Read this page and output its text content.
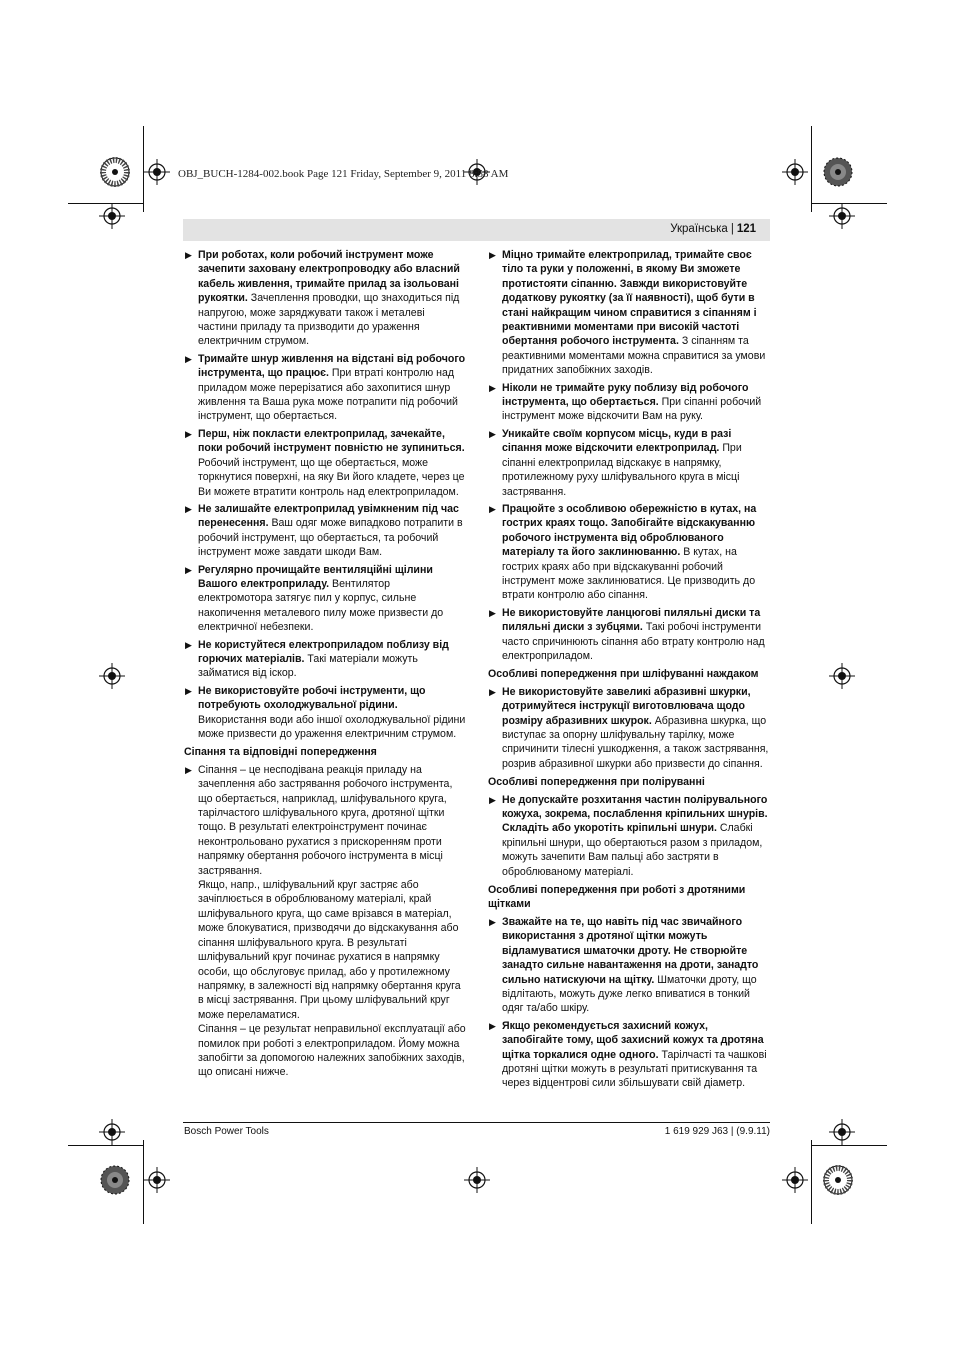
OBJ_BUCH-1284-002.book Page 121 Friday, September 9, 2011 8:58 AM
Українська | 121
▶ При роботах, коли робочий інструмент може зачепити заховану електропроводку або власний кабель живлення, тримайте прилад за ізольовані рукоятки. Зачеплення проводки, що знаходиться під напругою, може заряджувати також і металеві частини приладу та призводити до ураження електричним струмом.

▶ Тримайте шнур живлення на відстані від робочого інструмента, що працює. При втраті контролю над приладом може перерізатися або захопитися шнур живлення та Ваша рука може потрапити під робочий інструмент, що обертається.

▶ Перш, ніж покласти електроприлад, зачекайте, поки робочий інструмент повністю не зупиниться. Робочий інструмент, що ще обертається, може торкнутися поверхні, на яку Ви його кладете, через це Ви можете втратити контроль над електроприладом.

▶ Не залишайте електроприлад увімкненим під час перенесення. Ваш одяг може випадково потрапити в робочий інструмент, що обертається, та робочий інструмент може завдати шкоди Вам.

▶ Регулярно прочищайте вентиляційні щілини Вашого електроприладу. Вентилятор електромотора затягує пил у корпус, сильне накопичення металевого пилу може призвести до електричної небезпеки.

▶ Не користуйтеся електроприладом поблизу від горючих матеріалів. Такі матеріали можуть займатися від іскор.

▶ Не використовуйте робочі інструменти, що потребують охолоджувальної рідини. Використання води або іншої охолоджувальної рідини може призвести до ураження електричним струмом.

Сіпання та відповідні попередження
▶ Сіпання – це несподівана реакція приладу на зачеплення або застрявання робочого інструмента, що обертається, наприклад, шліфувального круга, тарілчастого шліфувального круга, дротяної щітки тощо. В результаті електроінструмент починає неконтрольовано рухатися з прискоренням проти напрямку обертання робочого інструмента в місці застрявання.

Якщо, напр., шліфувальний круг застряє або зачіплюється в оброблюваному матеріалі, край шліфувального круга, що саме врізався в матеріал, може блокуватися, призводячи до відскакування або сіпання шліфувального круга. В результаті шліфувальний круг починає рухатися в напрямку особи, що обслуговує прилад, або у протилежному напрямку, в залежності від напрямку обертання круга в місці застрявання. При цьому шліфувальний круг може переламатися.

Сіпання – це результат неправильної експлуатації або помилок при роботі з електроприладом. Йому можна запобігти за допомогою належних запобіжних заходів, що описані нижче.

▶ Міцно тримайте електроприлад, тримайте своє тіло та руки у положенні, в якому Ви зможете протистояти сіпанню. Завжди використовуйте додаткову рукоятку (за її наявності), щоб бути в стані найкращим чином справитися з сіпанням і реактивними моментами при високій частоті обертання робочого інструмента. З сіпанням та реактивними моментами можна справитися за умови придатних запобіжних заходів.

▶ Ніколи не тримайте руку поблизу від робочого інструмента, що обертається. При сіпанні робочий інструмент може відскочити Вам на руку.

▶ Уникайте своїм корпусом місць, куди в разі сіпання може відскочити електроприлад. При сіпанні електроприлад відскакує в напрямку, протилежному руху шліфувального круга в місці застрявання.

▶ Працюйте з особливою обережністю в кутах, на гострих краях тощо. Запобігайте відскакуванню робочого інструмента від оброблюваного матеріалу та його заклинюванню. В кутах, на гострих краях або при відскакуванні робочий інструмент може заклинюватися. Це призводить до втрати контролю або сіпання.

▶ Не використовуйте ланцюгові пиляльні диски та пиляльні диски з зубцями. Такі робочі інструменти часто спричинюють сіпання або втрату контролю над електроприладом.

Особливі попередження при шліфуванні наждаком
▶ Не використовуйте завеликі абразивні шкурки, дотримуйтеся інструкції виготовлювача щодо розміру абразивних шкурок. Абразивна шкурка, що виступає за опорну шліфувальну тарілку, може спричинити тілесні ушкодження, а також застрявання, розрив абразивної шкурки або призвести до сіпання.

Особливі попередження при поліруванні
▶ Не допускайте розхитання частин полірувального кожуха, зокрема, послаблення кріпильних шнурів. Складіть або укоротіть кріпильні шнури. Слабкі кріпильні шнури, що обертаються разом з приладом, можуть зачепити Вам пальці або застряти в оброблюваному матеріалі.

Особливі попередження при роботі з дротяними щітками
▶ Зважайте на те, що навіть під час звичайного використання з дротяної щітки можуть відламуватися шматочки дроту. Не створюйте занадто сильне навантаження на дроти, занадто сильно натискуючи на щітку. Шматочки дроту, що відлітають, можуть дуже легко впиватися в тонкий одяг та/або шкіру.

▶ Якщо рекомендується захисний кожух, запобігайте тому, щоб захисний кожух та дротяна щітка торкалися одне одного. Тарілчасті та чашкові дротяні щітки можуть в результаті притискування та через відцентрові сили збільшувати свій діаметр.

Bosch Power Tools	1 619 929 J63 | (9.9.11)
